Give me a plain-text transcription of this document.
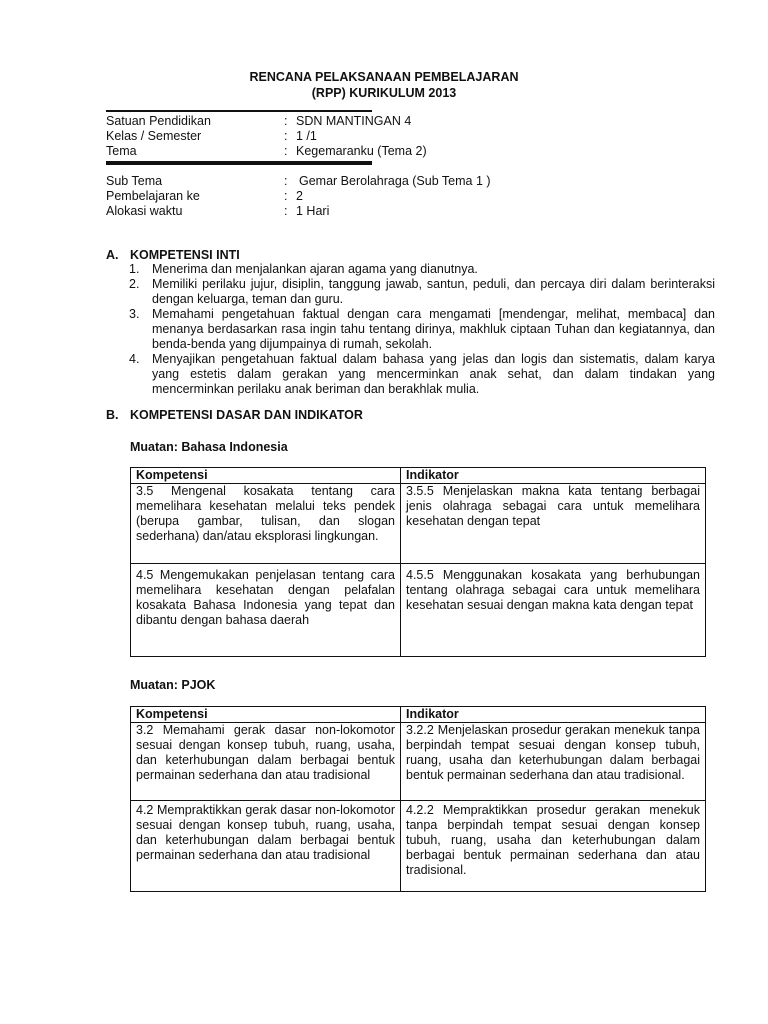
RENCANA PELAKSANAAN PEMBELAJARAN
(RPP) KURIKULUM 2013
Satuan Pendidikan	: SDN MANTINGAN 4
Kelas / Semester	: 1 /1
Tema	: Kegemaranku (Tema 2)
Sub Tema	: Gemar Berolahraga (Sub Tema 1 )
Pembelajaran ke	: 2
Alokasi waktu	: 1 Hari
A. KOMPETENSI INTI
1.	Menerima dan menjalankan ajaran agama yang dianutnya.
2.	Memiliki perilaku jujur, disiplin, tanggung jawab, santun, peduli, dan percaya diri dalam berinteraksi dengan keluarga, teman dan guru.
3.	Memahami pengetahuan faktual dengan cara mengamati [mendengar, melihat, membaca] dan menanya berdasarkan rasa ingin tahu tentang dirinya, makhluk ciptaan Tuhan dan kegiatannya, dan benda-benda yang dijumpainya di rumah, sekolah.
4.	Menyajikan pengetahuan faktual dalam bahasa yang jelas dan logis dan sistematis, dalam karya yang estetis dalam gerakan yang mencerminkan anak sehat, dan dalam tindakan yang mencerminkan perilaku anak beriman dan berakhlak mulia.
B. KOMPETENSI DASAR DAN INDIKATOR
Muatan: Bahasa Indonesia
Kompetensi	Indikator
3.5 Mengenal kosakata tentang cara memelihara kesehatan melalui teks pendek (berupa gambar, tulisan, dan slogan sederhana) dan/atau eksplorasi lingkungan.	3.5.5 Menjelaskan makna kata tentang berbagai jenis olahraga sebagai cara untuk memelihara kesehatan dengan tepat
4.5 Mengemukakan penjelasan tentang cara memelihara kesehatan dengan pelafalan kosakata Bahasa Indonesia yang tepat dan dibantu dengan bahasa daerah	4.5.5 Menggunakan kosakata yang berhubungan tentang olahraga sebagai cara untuk memelihara kesehatan sesuai dengan makna kata dengan tepat
Muatan: PJOK
Kompetensi	Indikator
3.2 Memahami gerak dasar non-lokomotor sesuai dengan konsep tubuh, ruang, usaha, dan keterhubungan dalam berbagai bentuk permainan sederhana dan atau tradisional	3.2.2 Menjelaskan prosedur gerakan menekuk tanpa berpindah tempat sesuai dengan konsep tubuh, ruang, usaha dan keterhubungan dalam berbagai bentuk permainan sederhana dan atau tradisional.
4.2 Mempraktikkan gerak dasar non-lokomotor sesuai dengan konsep tubuh, ruang, usaha, dan keterhubungan dalam berbagai bentuk permainan sederhana dan atau tradisional	4.2.2 Mempraktikkan prosedur gerakan menekuk tanpa berpindah tempat sesuai dengan konsep tubuh, ruang, usaha dan keterhubungan dalam berbagai bentuk permainan sederhana dan atau tradisional.
